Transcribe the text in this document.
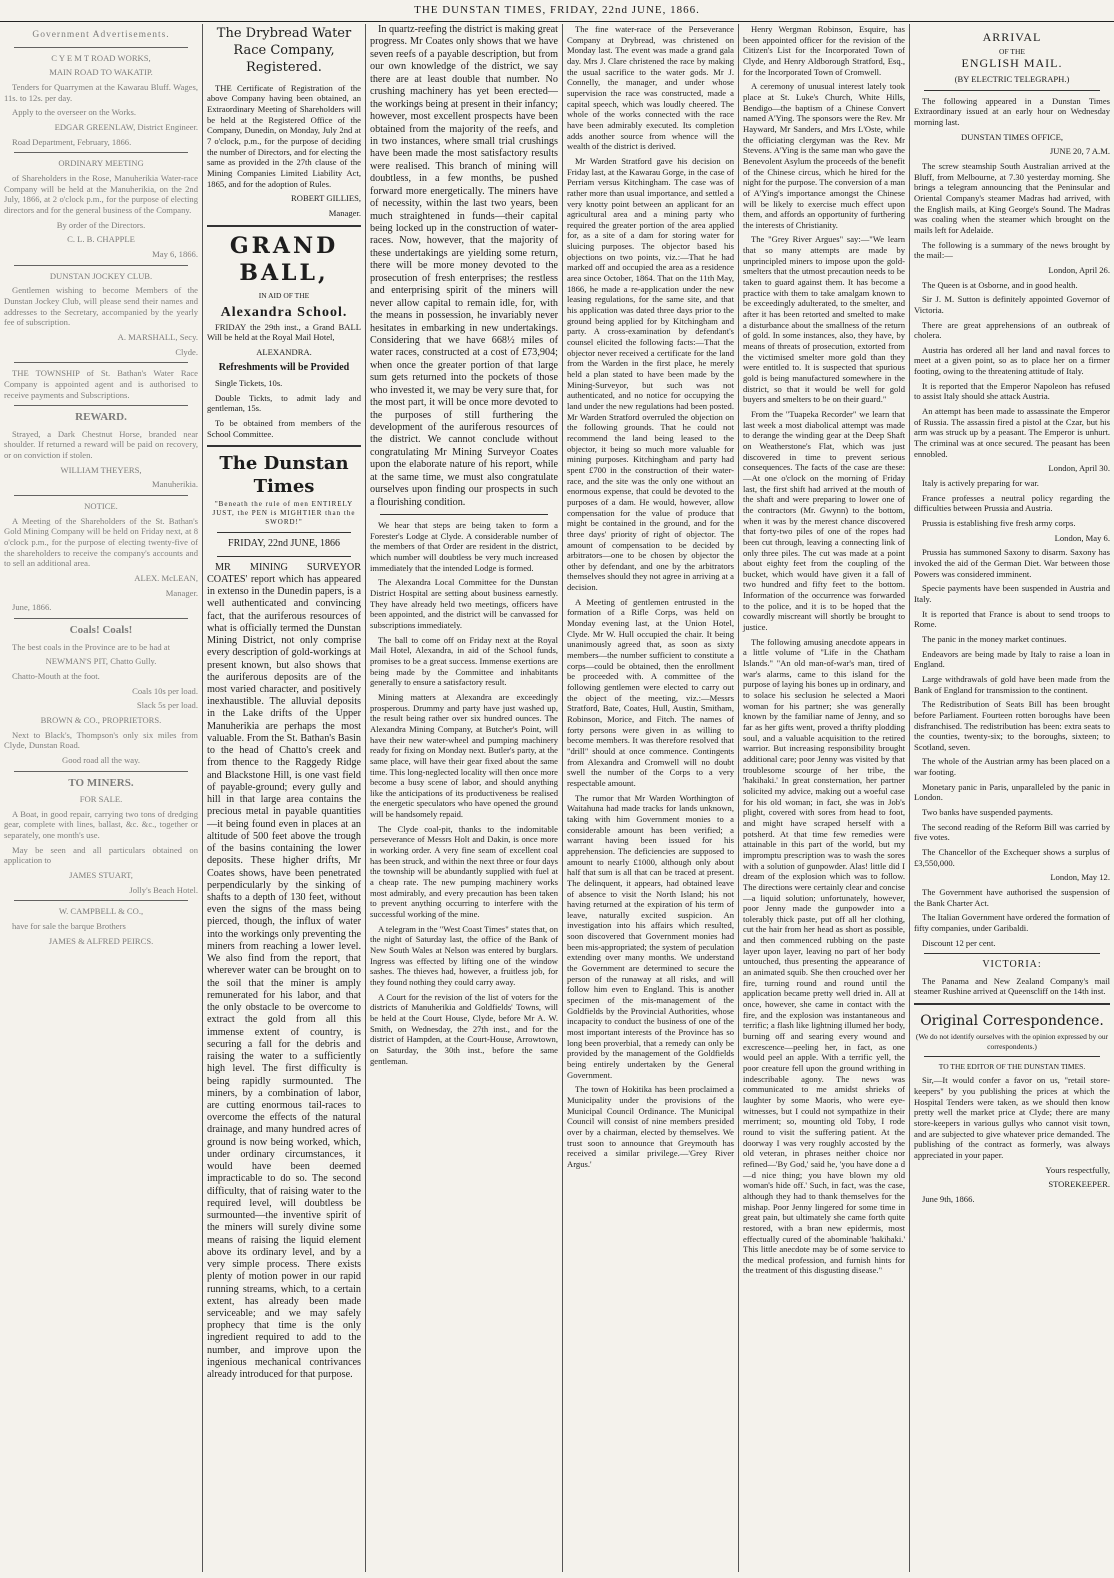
THE DUNSTAN TIMES, FRIDAY, 22nd JUNE, 1866.
Government Advertisements.

C Y E M T ROAD WORKS,

MAIN ROAD TO WAKATIP.

Tenders for Quarrymen at the Kawarau Bluff. Wages, 11s. to 12s. per day.

Apply to the overseer on the Works.

EDGAR GREENLAW, District Engineer.

Road Department, February, 1866.

ORDINARY MEETING

of Shareholders in the Rose, Manuherikia Water-race Company will be held at the Manuherikia, on the 2nd July, 1866, at 2 o'clock p.m., for the purpose of electing directors and for the general business of the Company.

By order of the Directors.

C. L. B. CHAPPLE

May 6, 1866.

DUNSTAN JOCKEY CLUB.

Gentlemen wishing to become Members of the Dunstan Jockey Club, will please send their names and addresses to the Secretary, accompanied by the yearly fee of subscription.

A. MARSHALL, Secy.

Clyde.

THE TOWNSHIP of St. Bathan's Water Race Company is appointed agent and is authorised to receive payments and Subscriptions.

REWARD.

Strayed, a Dark Chestnut Horse, branded near shoulder. If returned a reward will be paid on recovery, or on conviction if stolen.

WILLIAM THEYERS,

Manuherikia.

NOTICE.

A Meeting of the Shareholders of the St. Bathan's Gold Mining Company will be held on Friday next, at 8 o'clock p.m., for the purpose of electing twenty-five of the shareholders to receive the company's accounts and to sell an additional area.

ALEX. McLEAN,

Manager.

June, 1866.

Coals! Coals!

The best coals in the Province are to be had at

NEWMAN'S PIT, Chatto Gully.

Chatto-Mouth at the foot.

Coals 10s per load.

Slack 5s per load.

BROWN & CO., PROPRIETORS.

Next to Black's, Thompson's only six miles from Clyde, Dunstan Road.

Good road all the way.

TO MINERS.

FOR SALE.

A Boat, in good repair, carrying two tons of dredging gear, complete with lines, ballast, &c. &c., together or separately, one month's use.

May be seen and all particulars obtained on application to

JAMES STUART,

Jolly's Beach Hotel.

W. CAMPBELL & CO.,

have for sale the barque Brothers

JAMES & ALFRED PEIRCS.

The Drybread Water Race Company, Registered.

THE Certificate of Registration of the above Company having been obtained, an Extraordinary Meeting of Shareholders will be held at the Registered Office of the Company, Dunedin, on Monday, July 2nd at 7 o'clock, p.m., for the purpose of deciding the number of Directors, and for electing the same as provided in the 27th clause of the Mining Companies Limited Liability Act, 1865, and for the adoption of Rules.

ROBERT GILLIES,

Manager.

GRAND BALL,

IN AID OF THE

Alexandra School.

FRIDAY the 29th inst., a Grand BALL Will be held at the Royal Mail Hotel,

ALEXANDRA.

Refreshments will be Provided

Single Tickets, 10s.

Double Tickts, to admit lady and gentleman, 15s.

To be obtained from members of the School Committee.

The Dunstan Times
"Beneath the rule of men ENTIRELY JUST, the PEN is MIGHTIER than the SWORD!"

FRIDAY, 22nd JUNE, 1866

MR MINING SURVEYOR COATES' report which has appeared in extenso in the Dunedin papers, is a well authenticated and convincing fact, that the auriferous resources of what is officially termed the Dunstan Mining District, not only comprise every description of gold-workings at present known, but also shows that the auriferous deposits are of the most varied character, and positively inexhaustible. The alluvial deposits in the Lake drifts of the Upper Manuherikia are perhaps the most valuable. From the St. Bathan's Basin to the head of Chatto's creek and from thence to the Raggedy Ridge and Blackstone Hill, is one vast field of payable-ground; every gully and hill in that large area contains the precious metal in payable quantities—it being found even in places at an altitude of 500 feet above the trough of the basins containing the lower deposits. These higher drifts, Mr Coates shows, have been penetrated perpendicularly by the sinking of shafts to a depth of 130 feet, without even the signs of the mass being pierced, though, the influx of water into the workings only preventing the miners from reaching a lower level. We also find from the report, that wherever water can be brought on to the soil that the miner is amply remunerated for his labor, and that the only obstacle to be overcome to extract the gold from all this immense extent of country, is securing a fall for the debris and raising the water to a sufficiently high level. The first difficulty is being rapidly surmounted. The miners, by a combination of labor, are cutting enormous tail-races to overcome the effects of the natural drainage, and many hundred acres of ground is now being worked, which, under ordinary circumstances, it would have been deemed impracticable to do so. The second difficulty, that of raising water to the required level, will doubtless be surmounted—the inventive spirit of the miners will surely divine some means of raising the liquid element above its ordinary level, and by a very simple process. There exists plenty of motion power in our rapid running streams, which, to a certain extent, has already been made serviceable; and we may safely prophecy that time is the only ingredient required to add to the number, and improve upon the ingenious mechanical contrivances already introduced for that purpose.

In quartz-reefing the district is making great progress. Mr Coates only shows that we have seven reefs of a payable description, but from our own knowledge of the district, we say there are at least double that number. No crushing machinery has yet been erected—the workings being at present in their infancy; however, most excellent prospects have been obtained from the majority of the reefs, and in two instances, where small trial crushings have been made the most satisfactory results were realised. This branch of mining will doubtless, in a few months, be pushed forward more energetically. The miners have of necessity, within the last two years, been much straightened in funds—their capital being locked up in the construction of water-races. Now, however, that the majority of these undertakings are yielding some return, there will be more money devoted to the prosecution of fresh enterprises; the restless and enterprising spirit of the miners will never allow capital to remain idle, for, with the means in possession, he invariably never hesitates in embarking in new undertakings. Considering that we have 668½ miles of water races, constructed at a cost of £73,904; when once the greater portion of that large sum gets returned into the pockets of those who invested it, we may be very sure that, for the most part, it will be once more devoted to the purposes of still furthering the development of the auriferous resources of the district. We cannot conclude without congratulating Mr Mining Surveyor Coates upon the elaborate nature of his report, while at the same time, we must also congratulate ourselves upon finding our prospects in such a flourishing condition.

We hear that steps are being taken to form a Forester's Lodge at Clyde. A considerable number of the members of that Order are resident in the district, which number will doubtless be very much increased immediately that the intended Lodge is formed.

The Alexandra Local Committee for the Dunstan District Hospital are setting about business earnestly. They have already held two meetings, officers have been appointed, and the district will be canvassed for subscriptions immediately.

The ball to come off on Friday next at the Royal Mail Hotel, Alexandra, in aid of the School funds, promises to be a great success. Immense exertions are being made by the Committee and inhabitants generally to ensure a satisfactory result.

Mining matters at Alexandra are exceedingly prosperous. Drummy and party have just washed up, the result being rather over six hundred ounces. The Alexandra Mining Company, at Butcher's Point, will have their new water-wheel and pumping machinery ready for fixing on Monday next. Butler's party, at the same place, will have their gear fixed about the same time. This long-neglected locality will then once more become a busy scene of labor, and should anything like the anticipations of its productiveness be realised the energetic speculators who have opened the ground will be handsomely repaid.

The Clyde coal-pit, thanks to the indomitable perseverance of Messrs Holt and Dakin, is once more in working order. A very fine seam of excellent coal has been struck, and within the next three or four days the township will be abundantly supplied with fuel at a cheap rate. The new pumping machinery works most admirably, and every precaution has been taken to prevent anything occurring to interfere with the successful working of the mine.

A telegram in the "West Coast Times" states that, on the night of Saturday last, the office of the Bank of New South Wales at Nelson was entered by burglars. Ingress was effected by lifting one of the window sashes. The thieves had, however, a fruitless job, for they found nothing they could carry away.

A Court for the revision of the list of voters for the districts of Manuherikia and Goldfields' Towns, will be held at the Court House, Clyde, before Mr A. W. Smith, on Wednesday, the 27th inst., and for the district of Hampden, at the Court-House, Arrowtown, on Saturday, the 30th inst., before the same gentleman.

The fine water-race of the Perseverance Company at Drybread, was christened on Monday last. The event was made a grand gala day. Mrs J. Clare christened the race by making the usual sacrifice to the water gods. Mr J. Connelly, the manager, and under whose supervision the race was constructed, made a capital speech, which was loudly cheered. The whole of the works connected with the race have been admirably executed. Its completion adds another source from whence will the wealth of the district is derived.

Mr Warden Stratford gave his decision on Friday last, at the Kawarau Gorge, in the case of Perriam versus Kitchingham. The case was of rather more than usual importance, and settled a very knotty point between an applicant for an agricultural area and a mining party who required the greater portion of the area applied for, as a site of a dam for storing water for sluicing purposes. The objector based his objections on two points, viz.:—That he had marked off and occupied the area as a residence area since October, 1864. That on the 11th May, 1866, he made a re-application under the new leasing regulations, for the same site, and that his application was dated three days prior to the ground being applied for by Kitchingham and party. A cross-examination by defendant's counsel elicited the following facts:—That the objector never received a certificate for the land from the Warden in the first place, he merely held a plan stated to have been made by the Mining-Surveyor, but such was not authenticated, and no notice for occupying the land under the new regulations had been posted. Mr Warden Stratford overruled the objection on the following grounds. That he could not recommend the land being leased to the objector, it being so much more valuable for mining purposes. Kitchingham and party had spent £700 in the construction of their water-race, and the site was the only one without an enormous expense, that could be devoted to the purposes of a dam. He would, however, allow compensation for the value of produce that might be contained in the ground, and for the three days' priority of right of objector. The amount of compensation to be decided by arbitrators—one to be chosen by objector the other by defendant, and one by the arbitrators themselves should they not agree in arriving at a decision.

A Meeting of gentlemen entrusted in the formation of a Rifle Corps, was held on Monday evening last, at the Union Hotel, Clyde. Mr W. Hull occupied the chair. It being unanimously agreed that, as soon as sixty members—the number sufficient to constitute a corps—could be obtained, then the enrollment be proceeded with. A committee of the following gentlemen were elected to carry out the object of the meeting, viz.:—Messrs Stratford, Bate, Coates, Hull, Austin, Smitham, Robinson, Morice, and Fitch. The names of forty persons were given in as willing to become members. It was therefore resolved that "drill" should at once commence. Contingents from Alexandra and Cromwell will no doubt swell the number of the Corps to a very respectable amount.

The rumor that Mr Warden Worthington of Waitahuna had made tracks for lands unknown, taking with him Government monies to a considerable amount has been verified; a warrant having been issued for his apprehension. The deficiencies are supposed to amount to nearly £1000, although only about half that sum is all that can be traced at present. The delinquent, it appears, had obtained leave of absence to visit the North Island; his not having returned at the expiration of his term of leave, naturally excited suspicion. An investigation into his affairs which resulted, soon discovered that Government monies had been mis-appropriated; the system of peculation extending over many months. We understand the Government are determined to secure the person of the runaway at all risks, and will follow him even to England. This is another specimen of the mis-management of the Goldfields by the Provincial Authorities, whose incapacity to conduct the business of one of the most important interests of the Province has so long been proverbial, that a remedy can only be provided by the management of the Goldfields being entirely undertaken by the General Government.

The town of Hokitika has been proclaimed a Municipality under the provisions of the Municipal Council Ordinance. The Municipal Council will consist of nine members presided over by a chairman, elected by themselves. We trust soon to announce that Greymouth has received a similar privilege.—'Grey River Argus.'

Henry Wergman Robinson, Esquire, has been appointed officer for the revision of the Citizen's List for the Incorporated Town of Clyde, and Henry Aldborough Stratford, Esq., for the Incorporated Town of Cromwell.

A ceremony of unusual interest lately took place at St. Luke's Church, White Hills, Bendigo—the baptism of a Chinese Convert named A'Ying. The sponsors were the Rev. Mr Hayward, Mr Sanders, and Mrs L'Oste, while the officiating clergyman was the Rev. Mr Stevens. A'Ying is the same man who gave the Benevolent Asylum the proceeds of the benefit of the Chinese circus, which he hired for the night for the purpose. The conversion of a man of A'Ying's importance amongst the Chinese will be likely to exercise much effect upon them, and affords an opportunity of furthering the interests of Christianity.

The "Grey River Argues" say:—"We learn that so many attempts are made by unprincipled miners to impose upon the gold-smelters that the utmost precaution needs to be taken to guard against them. It has become a practice with them to take amalgam known to be exceedingly adulterated, to the smelter, and after it has been retorted and smelted to make a disturbance about the smallness of the return of gold. In some instances, also, they have, by means of threats of prosecution, extorted from the victimised smelter more gold than they were entitled to. It is suspected that spurious gold is being manufactured somewhere in the district, so that it would be well for gold buyers and smelters to be on their guard."

From the "Tuapeka Recorder" we learn that last week a most diabolical attempt was made to derange the winding gear at the Deep Shaft on Weatherstone's Flat, which was just discovered in time to prevent serious consequences. The facts of the case are these:—At one o'clock on the morning of Friday last, the first shift had arrived at the mouth of the shaft and were preparing to lower one of the contractors (Mr. Gwynn) to the bottom, when it was by the merest chance discovered that forty-two piles of one of the ropes had been cut through, leaving a connecting link of only three piles. The cut was made at a point about eighty feet from the coupling of the bucket, which would have given it a fall of two hundred and fifty feet to the bottom. Information of the occurrence was forwarded to the police, and it is to be hoped that the cowardly miscreant will shortly be brought to justice.

The following amusing anecdote appears in a little volume of "Life in the Chatham Islands." "An old man-of-war's man, tired of war's alarms, came to this island for the purpose of laying his bones up in ordinary, and to solace his seclusion he selected a Maori woman for his partner; she was generally known by the familiar name of Jenny, and so far as her gifts went, proved a thrifty plodding soul, and a valuable acquisition to the retired warrior. But increasing responsibility brought additional care; poor Jenny was visited by that troublesome scourge of her tribe, the 'hakihaki.' In great consternation, her partner solicited my advice, making out a woeful case for his old woman; in fact, she was in Job's plight, covered with sores from head to foot, and might have scraped herself with a potsherd. At that time few remedies were attainable in this part of the world, but my impromptu prescription was to wash the sores with a solution of gunpowder. Alas! little did I dream of the explosion which was to follow. The directions were certainly clear and concise—a liquid solution; unfortunately, however, poor Jenny made the gunpowder into a tolerably thick paste, put off all her clothing, cut the hair from her head as short as possible, and then commenced rubbing on the paste layer upon layer, leaving no part of her body untouched, thus presenting the appearance of an animated squib. She then crouched over her fire, turning round and round until the application became pretty well dried in. All at once, however, she came in contact with the fire, and the explosion was instantaneous and terrific; a flash like lightning illumed her body, burning off and searing every wound and excrescence—peeling her, in fact, as one would peel an apple. With a terrific yell, the poor creature fell upon the ground writhing in indescribable agony. The news was communicated to me amidst shrieks of laughter by some Maoris, who were eye-witnesses, but I could not sympathize in their merriment; so, mounting old Toby, I rode round to visit the suffering patient. At the doorway I was very roughly accosted by the old veteran, in phrases neither choice nor refined—'By God,' said he, 'you have done a d—d nice thing; you have blown my old woman's hide off.' Such, in fact, was the case, although they had to thank themselves for the mishap. Poor Jenny lingered for some time in great pain, but ultimately she came forth quite restored, with a bran new epidermis, most effectually cured of the abominable 'hakihaki.' This little anecdote may be of some service to the medical profession, and furnish hints for the treatment of this disgusting disease."

ARRIVAL
OF THE
ENGLISH MAIL.
(BY ELECTRIC TELEGRAPH.)

The following appeared in a Dunstan Times Extraordinary issued at an early hour on Wednesday morning last.

DUNSTAN TIMES OFFICE,

JUNE 20, 7 A.M.

The screw steamship South Australian arrived at the Bluff, from Melbourne, at 7.30 yesterday morning. She brings a telegram announcing that the Peninsular and Oriental Company's steamer Madras had arrived, with the English mails, at King George's Sound. The Madras was coaling when the steamer which brought on the mails left for Adelaide.

The following is a summary of the news brought by the mail:—

London, April 26.

The Queen is at Osborne, and in good health.

Sir J. M. Sutton is definitely appointed Governor of Victoria.

There are great apprehensions of an outbreak of cholera.

Austria has ordered all her land and naval forces to meet at a given point, so as to place her on a firmer footing, owing to the threatening attitude of Italy.

It is reported that the Emperor Napoleon has refused to assist Italy should she attack Austria.

An attempt has been made to assassinate the Emperor of Russia. The assassin fired a pistol at the Czar, but his arm was struck up by a peasant. The Emperor is unhurt. The criminal was at once secured. The peasant has been ennobled.

London, April 30.

Italy is actively preparing for war.

France professes a neutral policy regarding the difficulties between Prussia and Austria.

Prussia is establishing five fresh army corps.

London, May 6.

Prussia has summoned Saxony to disarm. Saxony has invoked the aid of the German Diet. War between those Powers was considered imminent.

Specie payments have been suspended in Austria and Italy.

It is reported that France is about to send troops to Rome.

The panic in the money market continues.

Endeavors are being made by Italy to raise a loan in England.

Large withdrawals of gold have been made from the Bank of England for transmission to the continent.

The Redistribution of Seats Bill has been brought before Parliament. Fourteen rotten boroughs have been disfranchised. The redistribution has been: extra seats to the counties, twenty-six; to the boroughs, sixteen; to Scotland, seven.

The whole of the Austrian army has been placed on a war footing.

Monetary panic in Paris, unparalleled by the panic in London.

Two banks have suspended payments.

The second reading of the Reform Bill was carried by five votes.

The Chancellor of the Exchequer shows a surplus of £3,550,000.

London, May 12.

The Government have authorised the suspension of the Bank Charter Act.

The Italian Government have ordered the formation of fifty companies, under Garibaldi.

Discount 12 per cent.

VICTORIA:

The Panama and New Zealand Company's mail steamer Rushine arrived at Queenscliff on the 14th inst.

Original Correspondence.

(We do not identify ourselves with the opinion expressed by our correspondents.)

TO THE EDITOR OF THE DUNSTAN TIMES.

Sir,—It would confer a favor on us, "retail store-keepers" by you publishing the prices at which the Hospital Tenders were taken, as we should then know pretty well the market price at Clyde; there are many store-keepers in various gullys who cannot visit town, and are subjected to give whatever price demanded. The publishing of the contract as formerly, was always appreciated in your paper.

Yours respectfully,

STOREKEEPER.

June 9th, 1866.
